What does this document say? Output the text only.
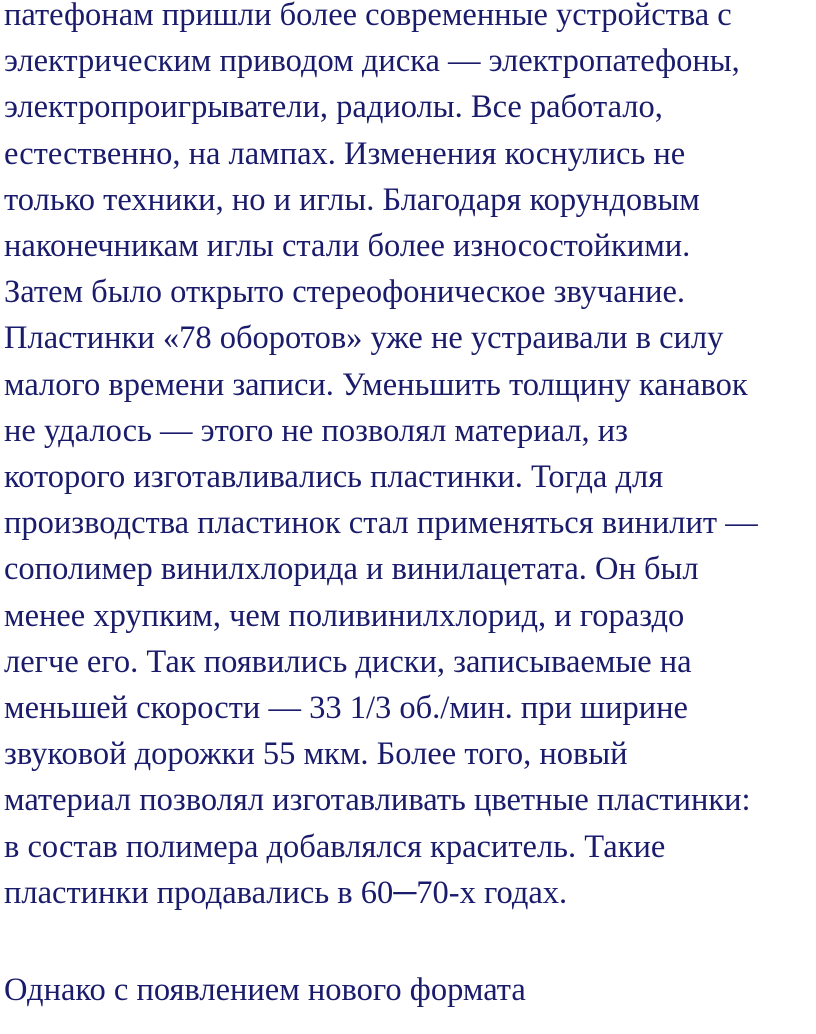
патефонам пришли более современные устройства с

электрическим приводом диска — электропатефоны,

электропроигрыватели, радиолы. Все работало,

естественно, на лампах. Изменения коснулись не

только техники, но и иглы. Благодаря корундовым

наконечникам иглы стали более износостойкими.

Затем было открыто стереофоническое звучание.

Пластинки «78 оборотов» уже не устраивали в силу

малого времени записи. Уменьшить толщину канавок

не удалось — этого не позволял материал, из

которого изготавливались пластинки. Тогда для

производства пластинок стал применяться винилит —

сополимер винилхлорида и винилацетата. Он был

менее хрупким, чем поливинилхлорид, и гораздо

легче его. Так появились диски, записываемые на

меньшей скорости — 33 1/3 об./мин. при ширине

звуковой дорожки 55 мкм. Более того, новый

материал позволял изготавливать цветные пластинки:

в состав полимера добавлялся краситель. Такие

пластинки продавались в 60─70-х годах.

Однако с появлением нового формата
